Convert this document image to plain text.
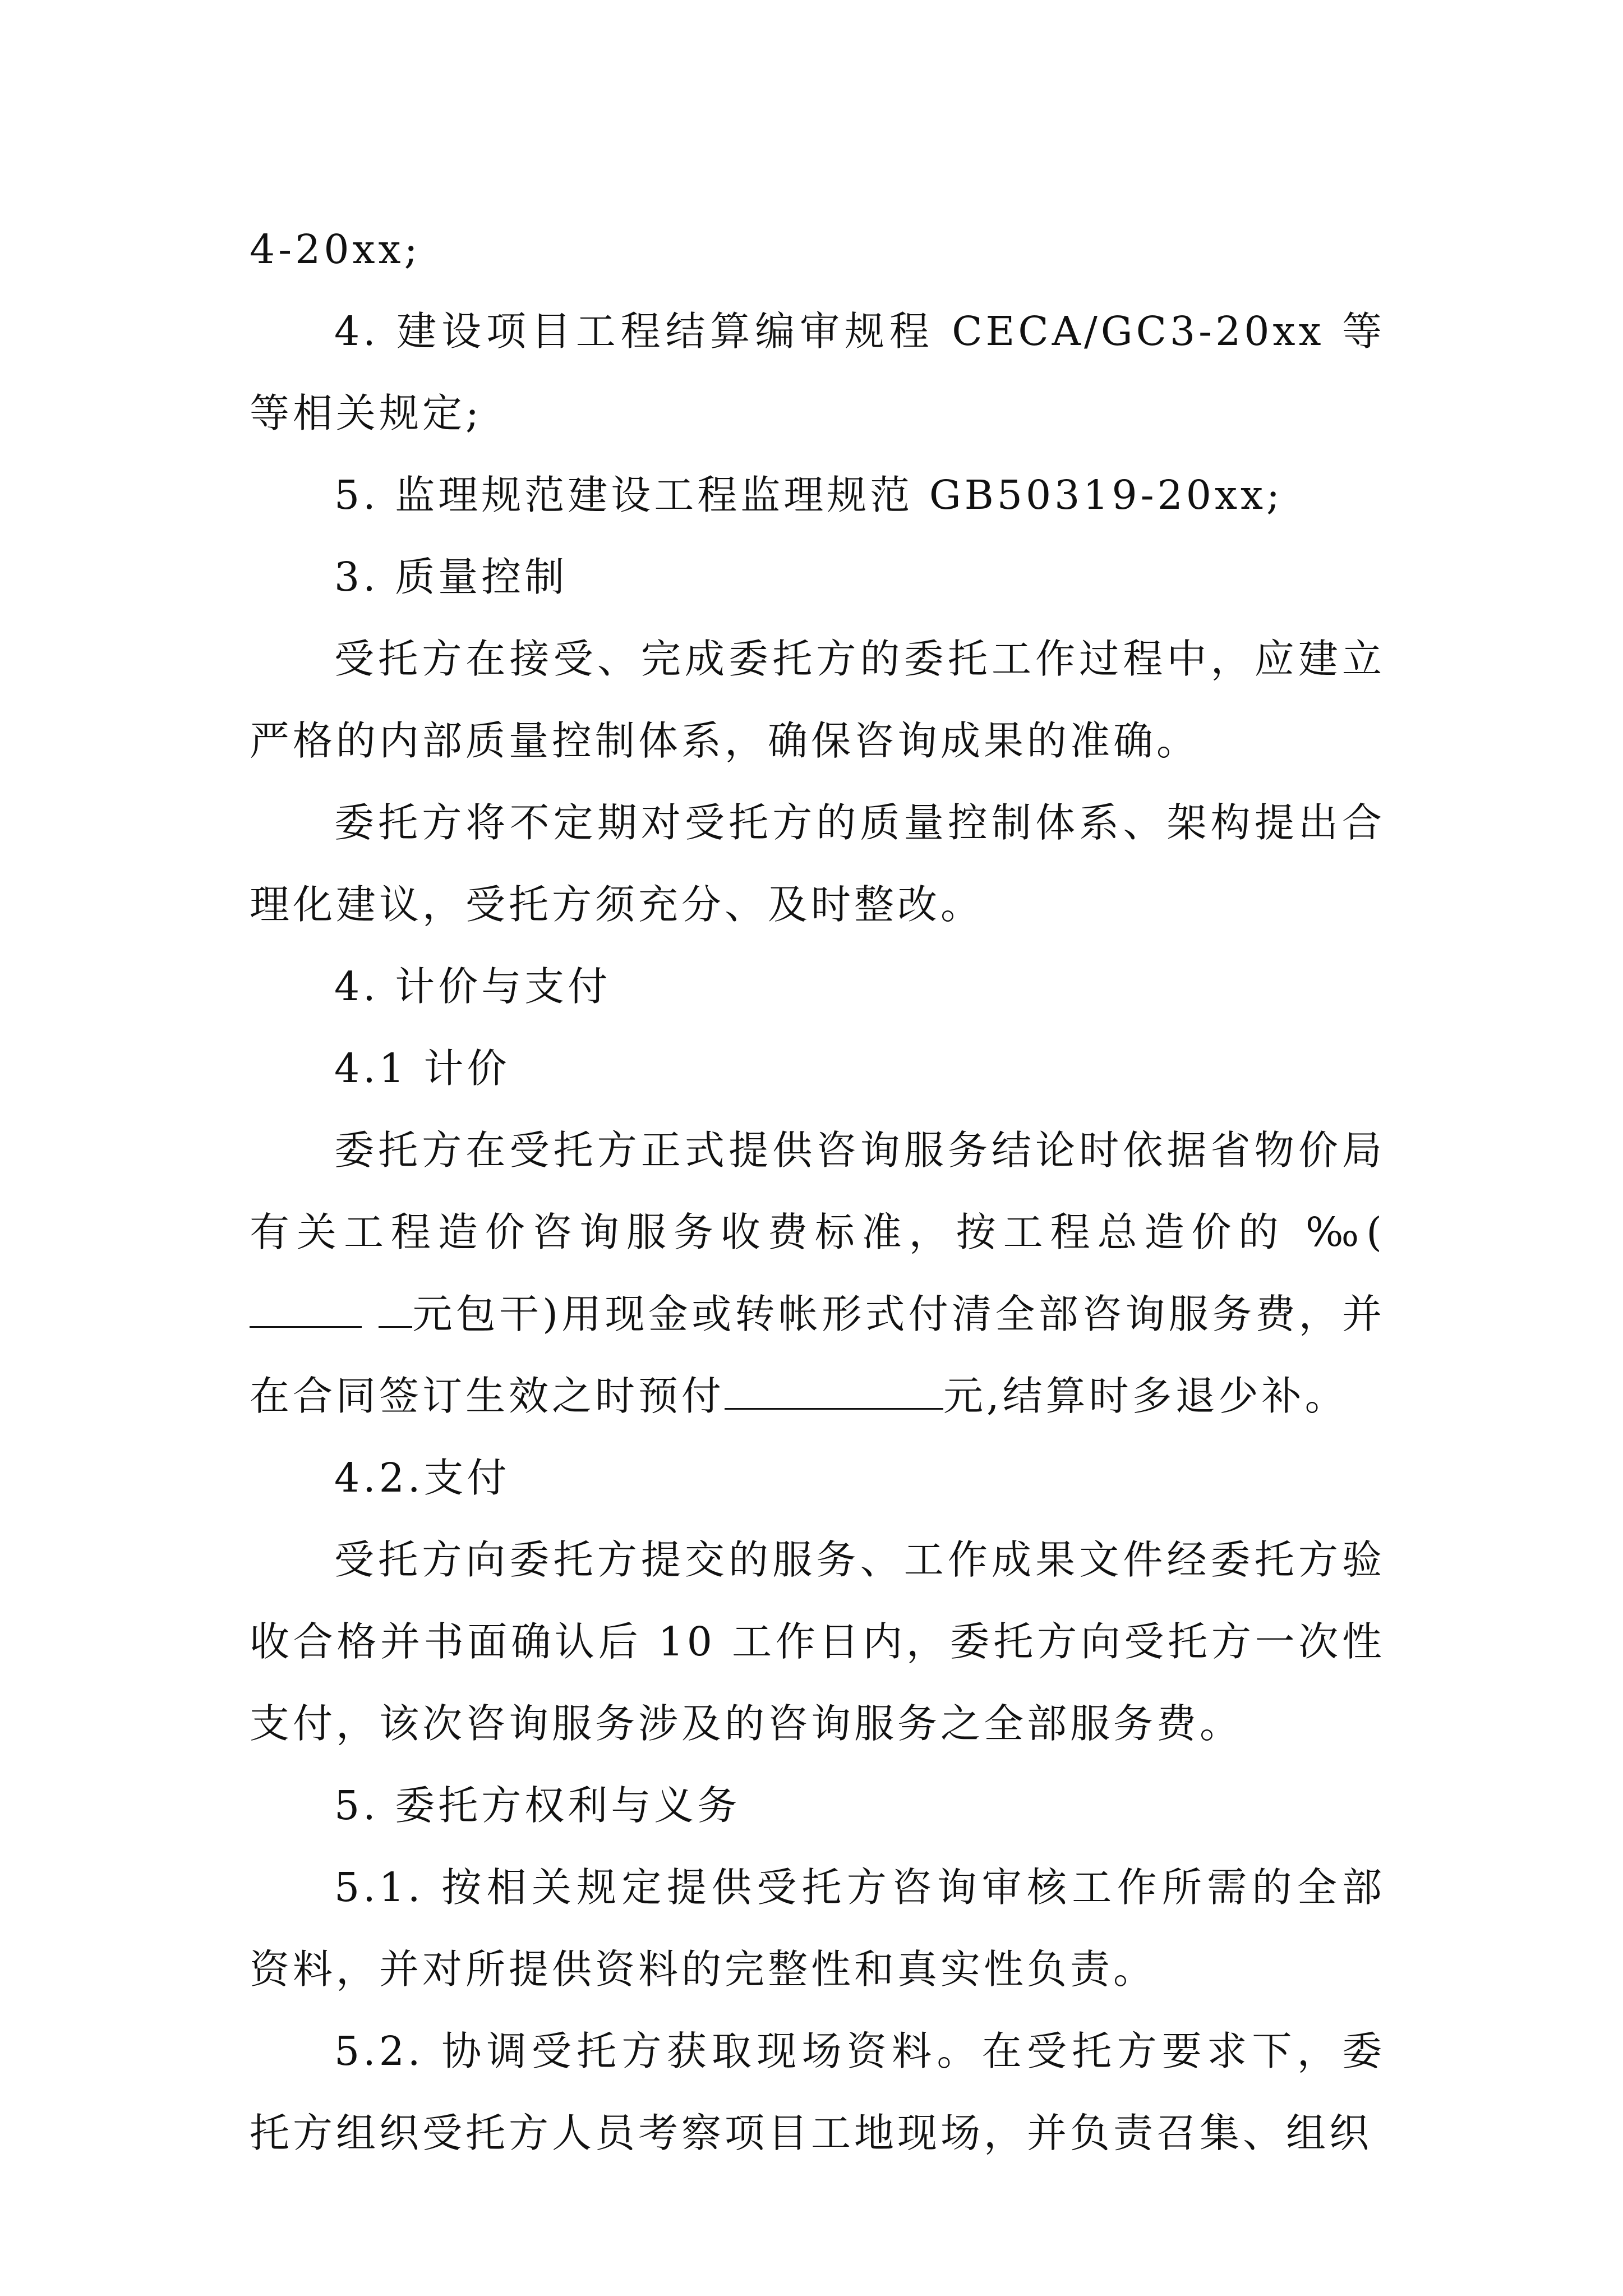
4-20xx;

4. 建设项目工程结算编审规程 CECA/GC3-20xx 等等相关规定;

5. 监理规范建设工程监理规范 GB50319-20xx;

3. 质量控制

受托方在接受、完成委托方的委托工作过程中，应建立严格的内部质量控制体系，确保咨询成果的准确。

委托方将不定期对受托方的质量控制体系、架构提出合理化建议，受托方须充分、及时整改。

4. 计价与支付

4.1 计价

委托方在受托方正式提供咨询服务结论时依据省物价局有关工程造价咨询服务收费标准，按工程总造价的 ‰(元包干)用现金或转帐形式付清全部咨询服务费，并在合同签订生效之时预付	元,结算时多退少补。

4.2.支付

受托方向委托方提交的服务、工作成果文件经委托方验收合格并书面确认后 10 工作日内，委托方向受托方一次性支付，该次咨询服务涉及的咨询服务之全部服务费。

5. 委托方权利与义务

5.1. 按相关规定提供受托方咨询审核工作所需的全部资料，并对所提供资料的完整性和真实性负责。

5.2. 协调受托方获取现场资料。在受托方要求下，委托方组织受托方人员考察项目工地现场，并负责召集、组织
